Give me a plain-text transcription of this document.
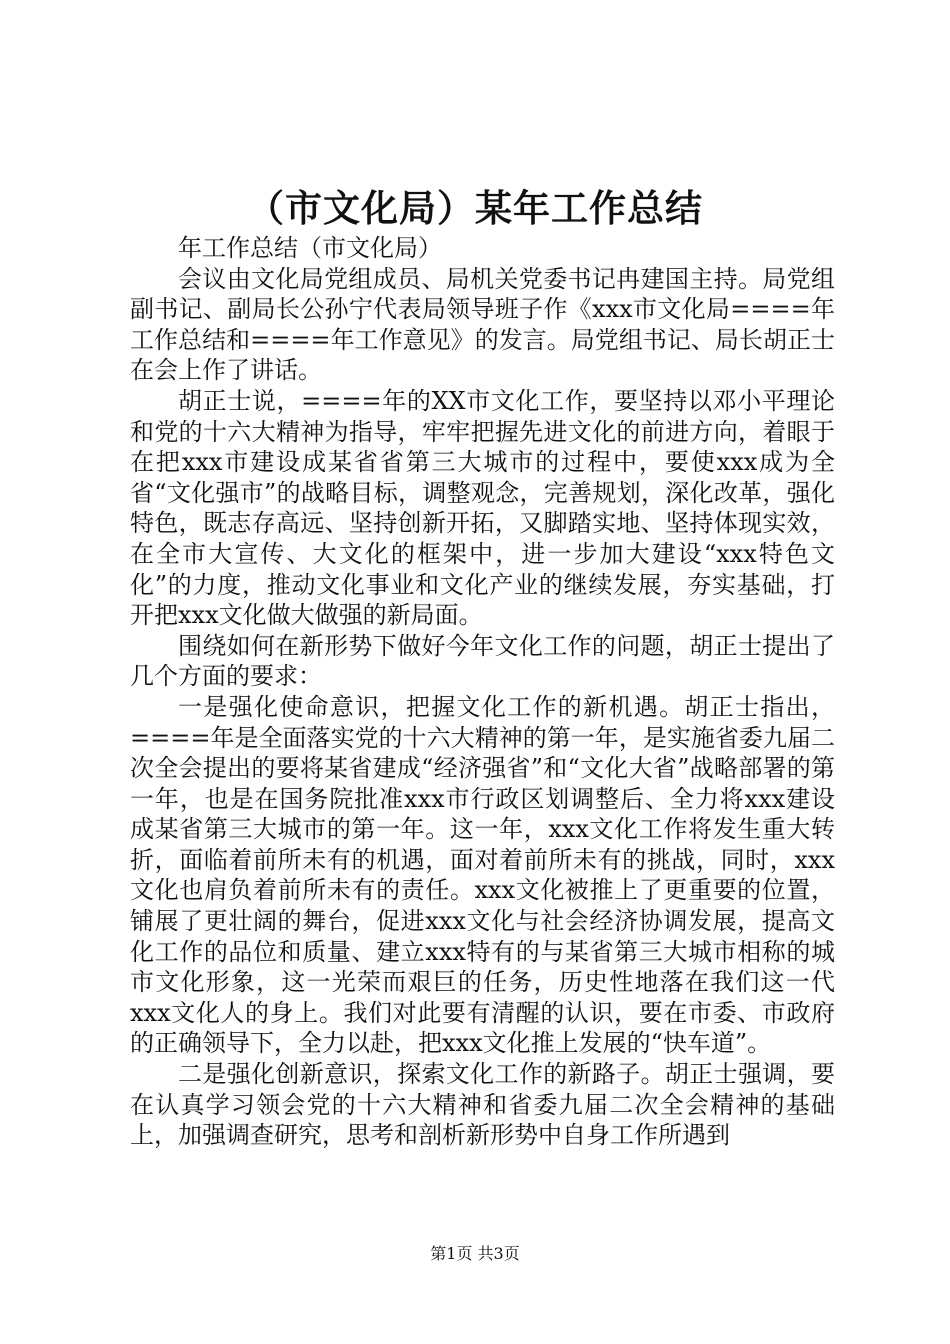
（市文化局）某年工作总结

年工作总结（市文化局）

会议由文化局党组成员、局机关党委书记冉建国主持。局党组副书记、副局长公孙宁代表局领导班子作《xxx市文化局====年工作总结和====年工作意见》的发言。局党组书记、局长胡正士在会上作了讲话。

胡正士说，====年的XX市文化工作，要坚持以邓小平理论和党的十六大精神为指导，牢牢把握先进文化的前进方向，着眼于在把xxx市建设成某省省第三大城市的过程中，要使xxx成为全省“文化强市”的战略目标，调整观念，完善规划，深化改革，强化特色，既志存高远、坚持创新开拓，又脚踏实地、坚持体现实效，在全市大宣传、大文化的框架中，进一步加大建设“xxx特色文化”的力度，推动文化事业和文化产业的继续发展，夯实基础，打开把xxx文化做大做强的新局面。

围绕如何在新形势下做好今年文化工作的问题，胡正士提出了几个方面的要求：

一是强化使命意识，把握文化工作的新机遇。胡正士指出，====年是全面落实党的十六大精神的第一年，是实施省委九届二次全会提出的要将某省建成“经济强省”和“文化大省”战略部署的第一年，也是在国务院批准xxx市行政区划调整后、全力将xxx建设成某省第三大城市的第一年。这一年，xxx文化工作将发生重大转折，面临着前所未有的机遇，面对着前所未有的挑战，同时，xxx文化也肩负着前所未有的责任。xxx文化被推上了更重要的位置，铺展了更壮阔的舞台，促进xxx文化与社会经济协调发展，提高文化工作的品位和质量、建立xxx特有的与某省第三大城市相称的城市文化形象，这一光荣而艰巨的任务，历史性地落在我们这一代xxx文化人的身上。我们对此要有清醒的认识，要在市委、市政府的正确领导下，全力以赴，把xxx文化推上发展的“快车道”。

二是强化创新意识，探索文化工作的新路子。胡正士强调，要在认真学习领会党的十六大精神和省委九届二次全会精神的基础上，加强调查研究，思考和剖析新形势中自身工作所遇到

第1页 共3页
